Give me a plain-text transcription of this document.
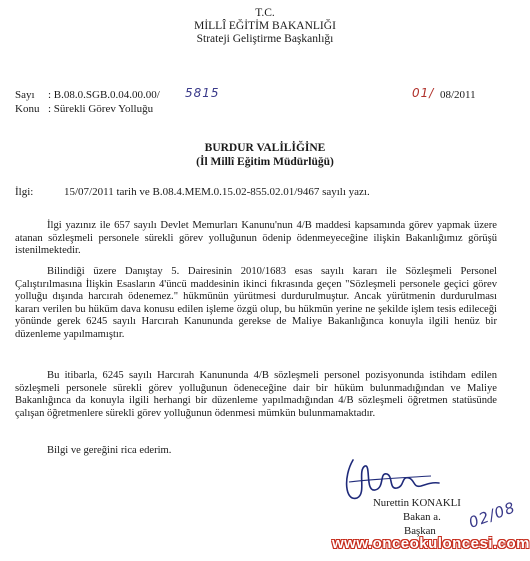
T.C.
MİLLÎ EĞİTİM BAKANLIĞI
Strateji Geliştirme Başkanlığı
Sayı : B.08.0.SGB.0.04.00.00/ 5815
Konu : Sürekli Görev Yolluğu
01/ 08/2011
BURDUR VALİLİĞİNE
(İl Millî Eğitim Müdürlüğü)
İlgi:	15/07/2011 tarih ve B.08.4.MEM.0.15.02-855.02.01/9467 sayılı yazı.

İlgi yazınız ile 657 sayılı Devlet Memurları Kanunu'nun 4/B maddesi kapsamında görev yapmak üzere atanan sözleşmeli personele sürekli görev yolluğunun ödenip ödenmeyeceğine ilişkin Bakanlığımız görüşü istenilmektedir.

Bilindiği üzere Danıştay 5. Dairesinin 2010/1683 esas sayılı kararı ile Sözleşmeli Personel Çalıştırılmasına İlişkin Esasların 4'üncü maddesinin ikinci fıkrasında geçen "Sözleşmeli personele geçici görev yolluğu dışında harcırah ödenemez." hükmünün yürütmesi durdurulmuştur. Ancak yürütmenin durdurulması kararı verilen bu hüküm dava konusu edilen işleme özgü olup, bu hükmün yerine ne şekilde işlem tesis edileceği yönünde gerek 6245 sayılı Harcırah Kanununda gerekse de Maliye Bakanlığınca konuyla ilgili henüz bir düzenleme yapılmamıştır.

Bu itibarla, 6245 sayılı Harcırah Kanununda 4/B sözleşmeli personel pozisyonunda istihdam edilen sözleşmeli personele sürekli görev yolluğunun ödeneceğine dair bir hüküm bulunmadığından ve Maliye Bakanlığınca da konuyla ilgili herhangi bir düzenleme yapılmadığından 4/B sözleşmeli öğretmen statüsünde çalışan öğretmenlere sürekli görev yolluğunun ödenmesi mümkün bulunmamaktadır.

Bilgi ve gereğini rica ederim.

Nurettin KONAKLI
Bakan a.
Başkan 02/08
www.onceokuloncesi.com
